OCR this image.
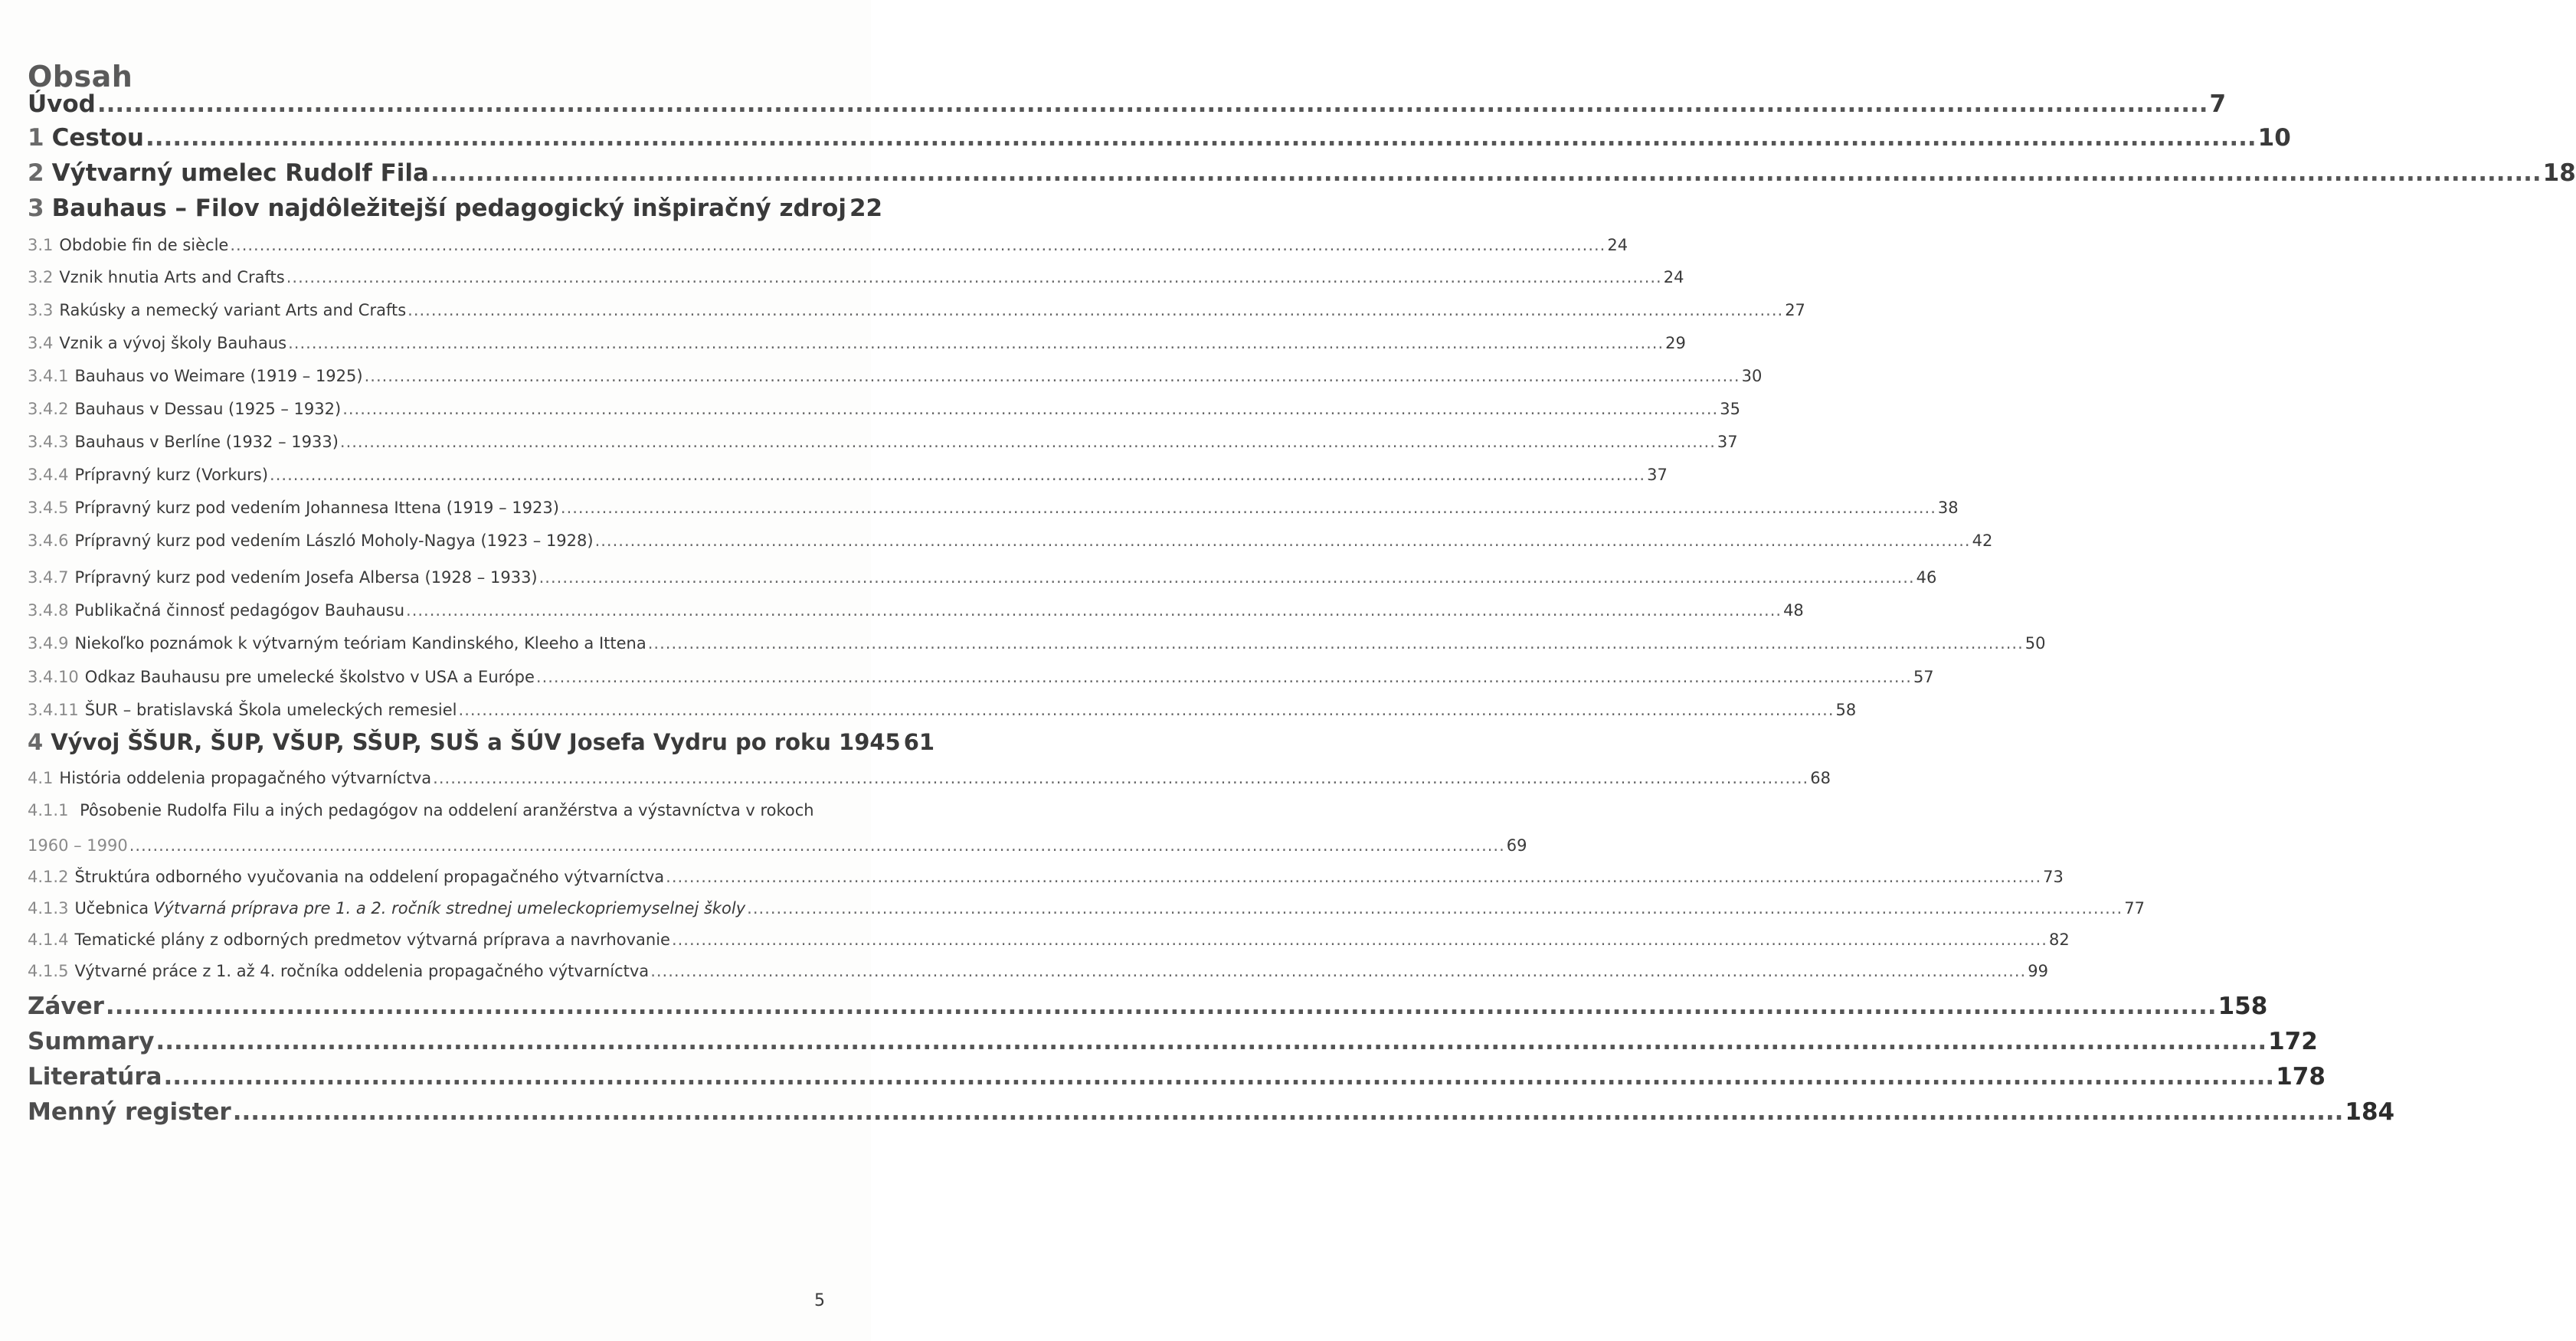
Obsah
Úvod .....	7
1 Cestou .....	10
2 Výtvarný umelec Rudolf Fila .....	18
3 Bauhaus – Filov najdôležitejší pedagogický inšpiračný zdroj 22
3.1 Obdobie fin de siècle .....	24
3.2 Vznik hnutia Arts and Crafts .....	24
3.3 Rakúsky a nemecký variant Arts and Crafts .....	27
3.4 Vznik a vývoj školy Bauhaus .....	29
3.4.1 Bauhaus vo Weimare (1919 – 1925) .....	30
3.4.2 Bauhaus v Dessau (1925 – 1932) .....	35
3.4.3 Bauhaus v Berlíne (1932 – 1933) .....	37
3.4.4 Prípravný kurz (Vorkurs) .....	37
3.4.5 Prípravný kurz pod vedením Johannesa Ittena (1919 – 1923) .....	38
3.4.6 Prípravný kurz pod vedením László Moholy-Nagya (1923 – 1928) .....	42
3.4.7 Prípravný kurz pod vedením Josefa Albersa (1928 – 1933) .....	46
3.4.8 Publikačná činnosť pedagógov Bauhausu .....	48
3.4.9 Niekoľko poznámok k výtvarným teóriam Kandinského, Kleeho a Ittena .....	50
3.4.10 Odkaz Bauhausu pre umelecké školstvo v USA a Európe .....	57
3.4.11 ŠUR – bratislavská Škola umeleckých remesiel .....	58
4 Vývoj ŠŠUR, ŠUP, VŠUP, SŠUP, SUŠ a ŠÚV Josefa Vydru po roku 1945 61
4.1 História oddelenia propagačného výtvarníctva .....	68
4.1.1 Pôsobenie Rudolfa Filu a iných pedagógov na oddelení aranžérstva a výstavníctva v rokoch
1960 – 1990 .....	69
4.1.2 Štruktúra odborného vyučovania na oddelení propagačného výtvarníctva .....	73
4.1.3 Učebnica Výtvarná príprava pre 1. a 2. ročník strednej umeleckopriemyselnej školy .....	77
4.1.4 Tematické plány z odborných predmetov výtvarná príprava a navrhovanie .....	82
4.1.5 Výtvarné práce z 1. až 4. ročníka oddelenia propagačného výtvarníctva .....	99
Záver .....	158
Summary .....	172
Literatúra .....	178
Menný register .....	184
5
